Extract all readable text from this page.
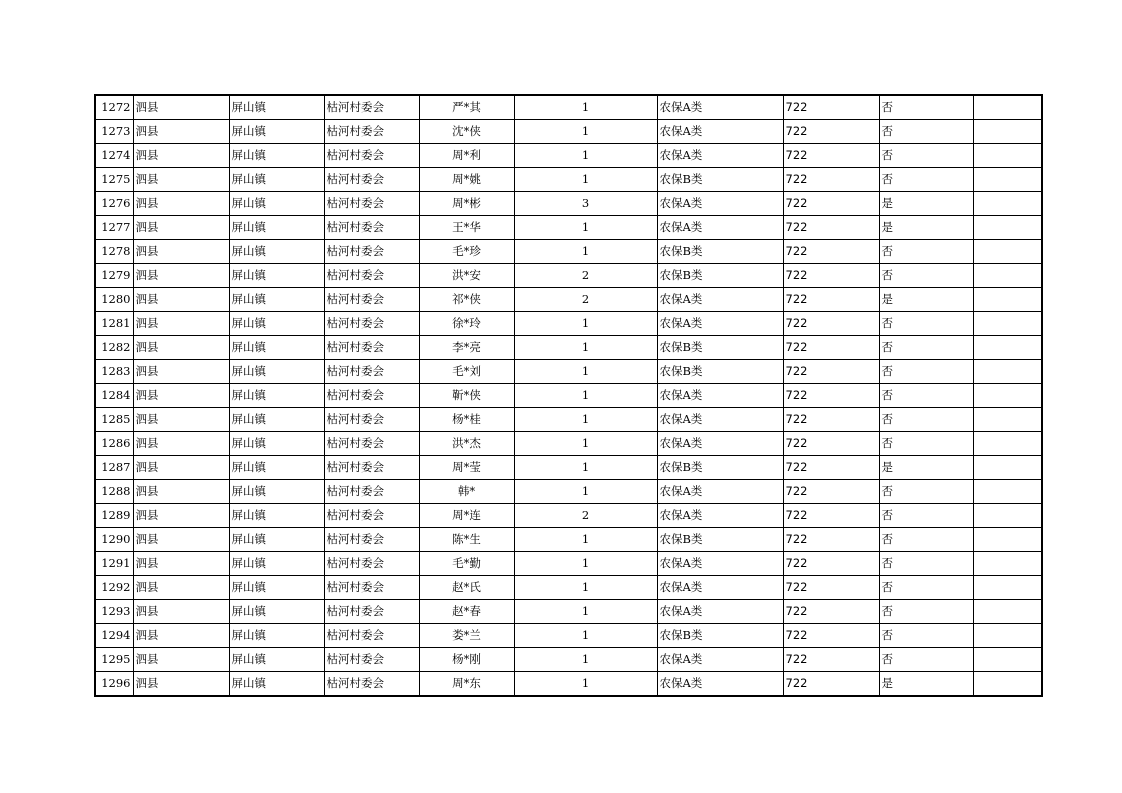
1272	泗县	屏山镇	枯河村委会	严*其	1	农保A类	722	否	
1273	泗县	屏山镇	枯河村委会	沈*侠	1	农保A类	722	否	
1274	泗县	屏山镇	枯河村委会	周*利	1	农保A类	722	否	
1275	泗县	屏山镇	枯河村委会	周*姚	1	农保B类	722	否	
1276	泗县	屏山镇	枯河村委会	周*彬	3	农保A类	722	是	
1277	泗县	屏山镇	枯河村委会	王*华	1	农保A类	722	是	
1278	泗县	屏山镇	枯河村委会	毛*珍	1	农保B类	722	否	
1279	泗县	屏山镇	枯河村委会	洪*安	2	农保B类	722	否	
1280	泗县	屏山镇	枯河村委会	祁*侠	2	农保A类	722	是	
1281	泗县	屏山镇	枯河村委会	徐*玲	1	农保A类	722	否	
1282	泗县	屏山镇	枯河村委会	李*亮	1	农保B类	722	否	
1283	泗县	屏山镇	枯河村委会	毛*刘	1	农保B类	722	否	
1284	泗县	屏山镇	枯河村委会	靳*侠	1	农保A类	722	否	
1285	泗县	屏山镇	枯河村委会	杨*桂	1	农保A类	722	否	
1286	泗县	屏山镇	枯河村委会	洪*杰	1	农保A类	722	否	
1287	泗县	屏山镇	枯河村委会	周*莹	1	农保B类	722	是	
1288	泗县	屏山镇	枯河村委会	韩*	1	农保A类	722	否	
1289	泗县	屏山镇	枯河村委会	周*连	2	农保A类	722	否	
1290	泗县	屏山镇	枯河村委会	陈*生	1	农保B类	722	否	
1291	泗县	屏山镇	枯河村委会	毛*勤	1	农保A类	722	否	
1292	泗县	屏山镇	枯河村委会	赵*氏	1	农保A类	722	否	
1293	泗县	屏山镇	枯河村委会	赵*春	1	农保A类	722	否	
1294	泗县	屏山镇	枯河村委会	娄*兰	1	农保B类	722	否	
1295	泗县	屏山镇	枯河村委会	杨*刚	1	农保A类	722	否	
1296	泗县	屏山镇	枯河村委会	周*东	1	农保A类	722	是	
